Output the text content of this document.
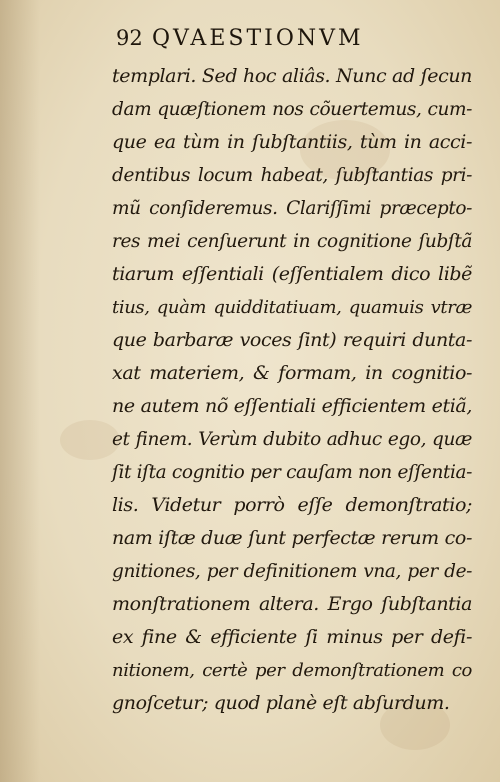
92 QVAESTIONVM
templari. Sed hoc aliâs. Nunc ad ſecun
dam quæſtionem nos cõuertemus, cum-
que ea tùm in ſubſtantiis, tùm in acci-
dentibus locum habeat, ſubſtantias pri-
mũ conſideremus. Clariſſimi præcepto-
res mei cenſuerunt in cognitione ſubſtã
tiarum eſſentiali (eſſentialem dico libẽ
tius, quàm quidditatiuam, quamuis vtræ
que barbaræ voces ſint) requiri dunta-
xat materiem, & formam, in cognitio-
ne autem nõ eſſentiali efficientem etiã,
et finem. Verùm dubito adhuc ego, quæ
ſit iſta cognitio per cauſam non eſſentia-
lis. Videtur porrò eſſe demonſtratio;
nam iſtæ duæ ſunt perfectæ rerum co-
gnitiones, per definitionem vna, per de-
monſtrationem altera. Ergo ſubſtantia
ex fine & efficiente ſi minus per defi-
nitionem, certè per demonſtrationem co
gnoſcetur; quod planè eſt abſurdum.
